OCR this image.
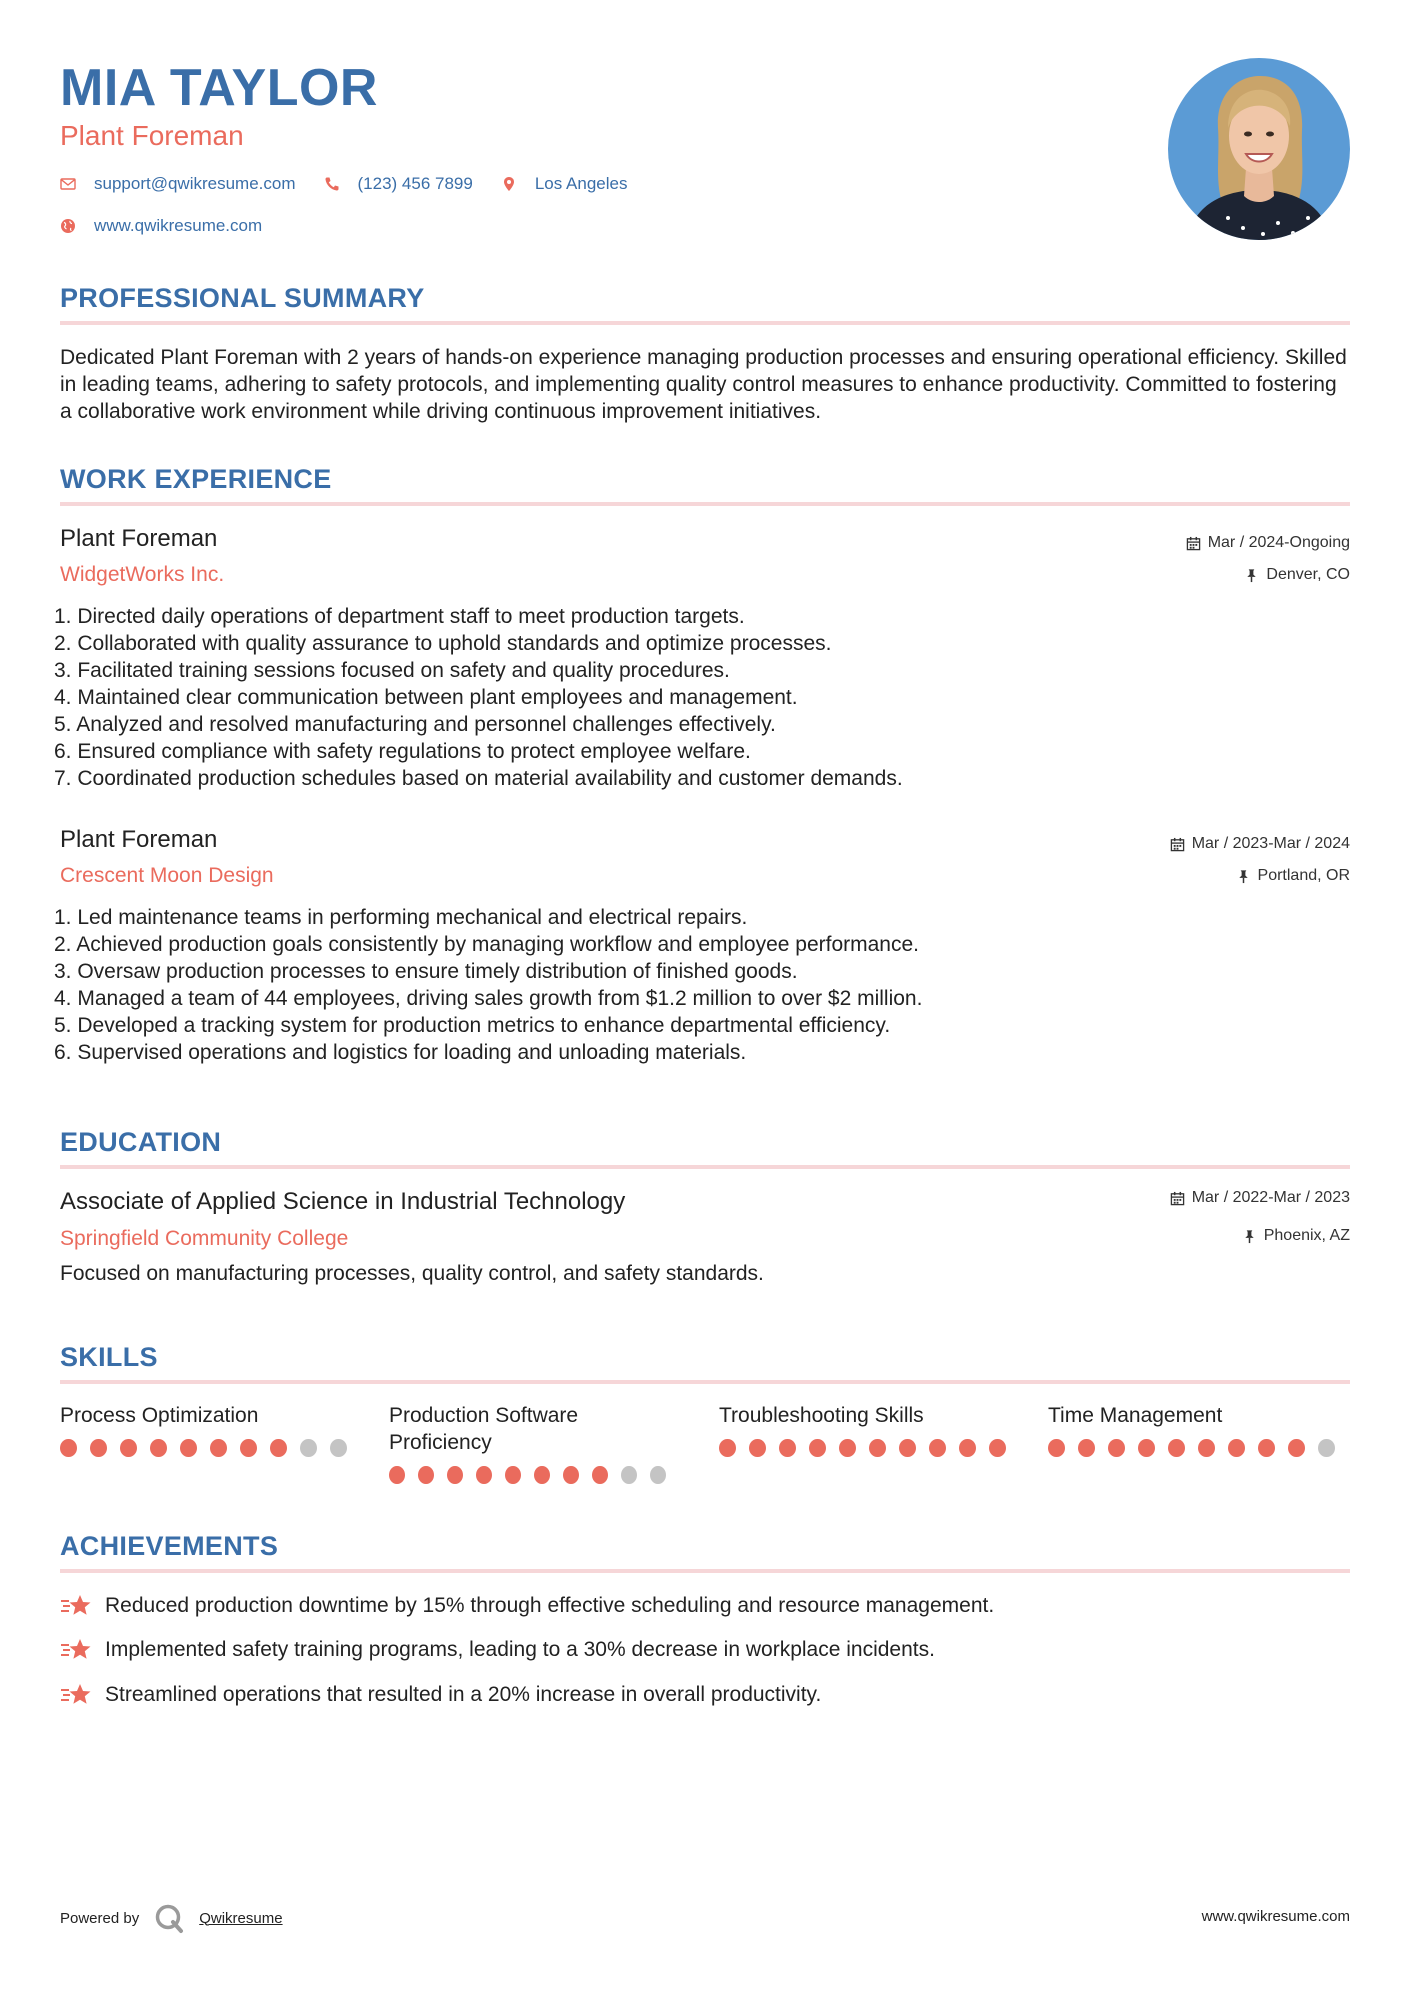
MIA TAYLOR
Plant Foreman
support@qwikresume.com	(123) 456 7899	Los Angeles
www.qwikresume.com
PROFESSIONAL SUMMARY
Dedicated Plant Foreman with 2 years of hands-on experience managing production processes and ensuring operational efficiency. Skilled in leading teams, adhering to safety protocols, and implementing quality control measures to enhance productivity. Committed to fostering a collaborative work environment while driving continuous improvement initiatives.
WORK EXPERIENCE
Plant Foreman
WidgetWorks Inc.
Mar / 2024-Ongoing
Denver, CO
1. Directed daily operations of department staff to meet production targets.
2. Collaborated with quality assurance to uphold standards and optimize processes.
3. Facilitated training sessions focused on safety and quality procedures.
4. Maintained clear communication between plant employees and management.
5. Analyzed and resolved manufacturing and personnel challenges effectively.
6. Ensured compliance with safety regulations to protect employee welfare.
7. Coordinated production schedules based on material availability and customer demands.
Plant Foreman
Crescent Moon Design
Mar / 2023-Mar / 2024
Portland, OR
1. Led maintenance teams in performing mechanical and electrical repairs.
2. Achieved production goals consistently by managing workflow and employee performance.
3. Oversaw production processes to ensure timely distribution of finished goods.
4. Managed a team of 44 employees, driving sales growth from $1.2 million to over $2 million.
5. Developed a tracking system for production metrics to enhance departmental efficiency.
6. Supervised operations and logistics for loading and unloading materials.
EDUCATION
Associate of Applied Science in Industrial Technology
Springfield Community College
Mar / 2022-Mar / 2023
Phoenix, AZ
Focused on manufacturing processes, quality control, and safety standards.
SKILLS
Process Optimization	Production Software Proficiency
Troubleshooting Skills	Time Management
ACHIEVEMENTS
Reduced production downtime by 15% through effective scheduling and resource management.
Implemented safety training programs, leading to a 30% decrease in workplace incidents.
Streamlined operations that resulted in a 20% increase in overall productivity.
Powered by	Qwikresume	www.qwikresume.com
